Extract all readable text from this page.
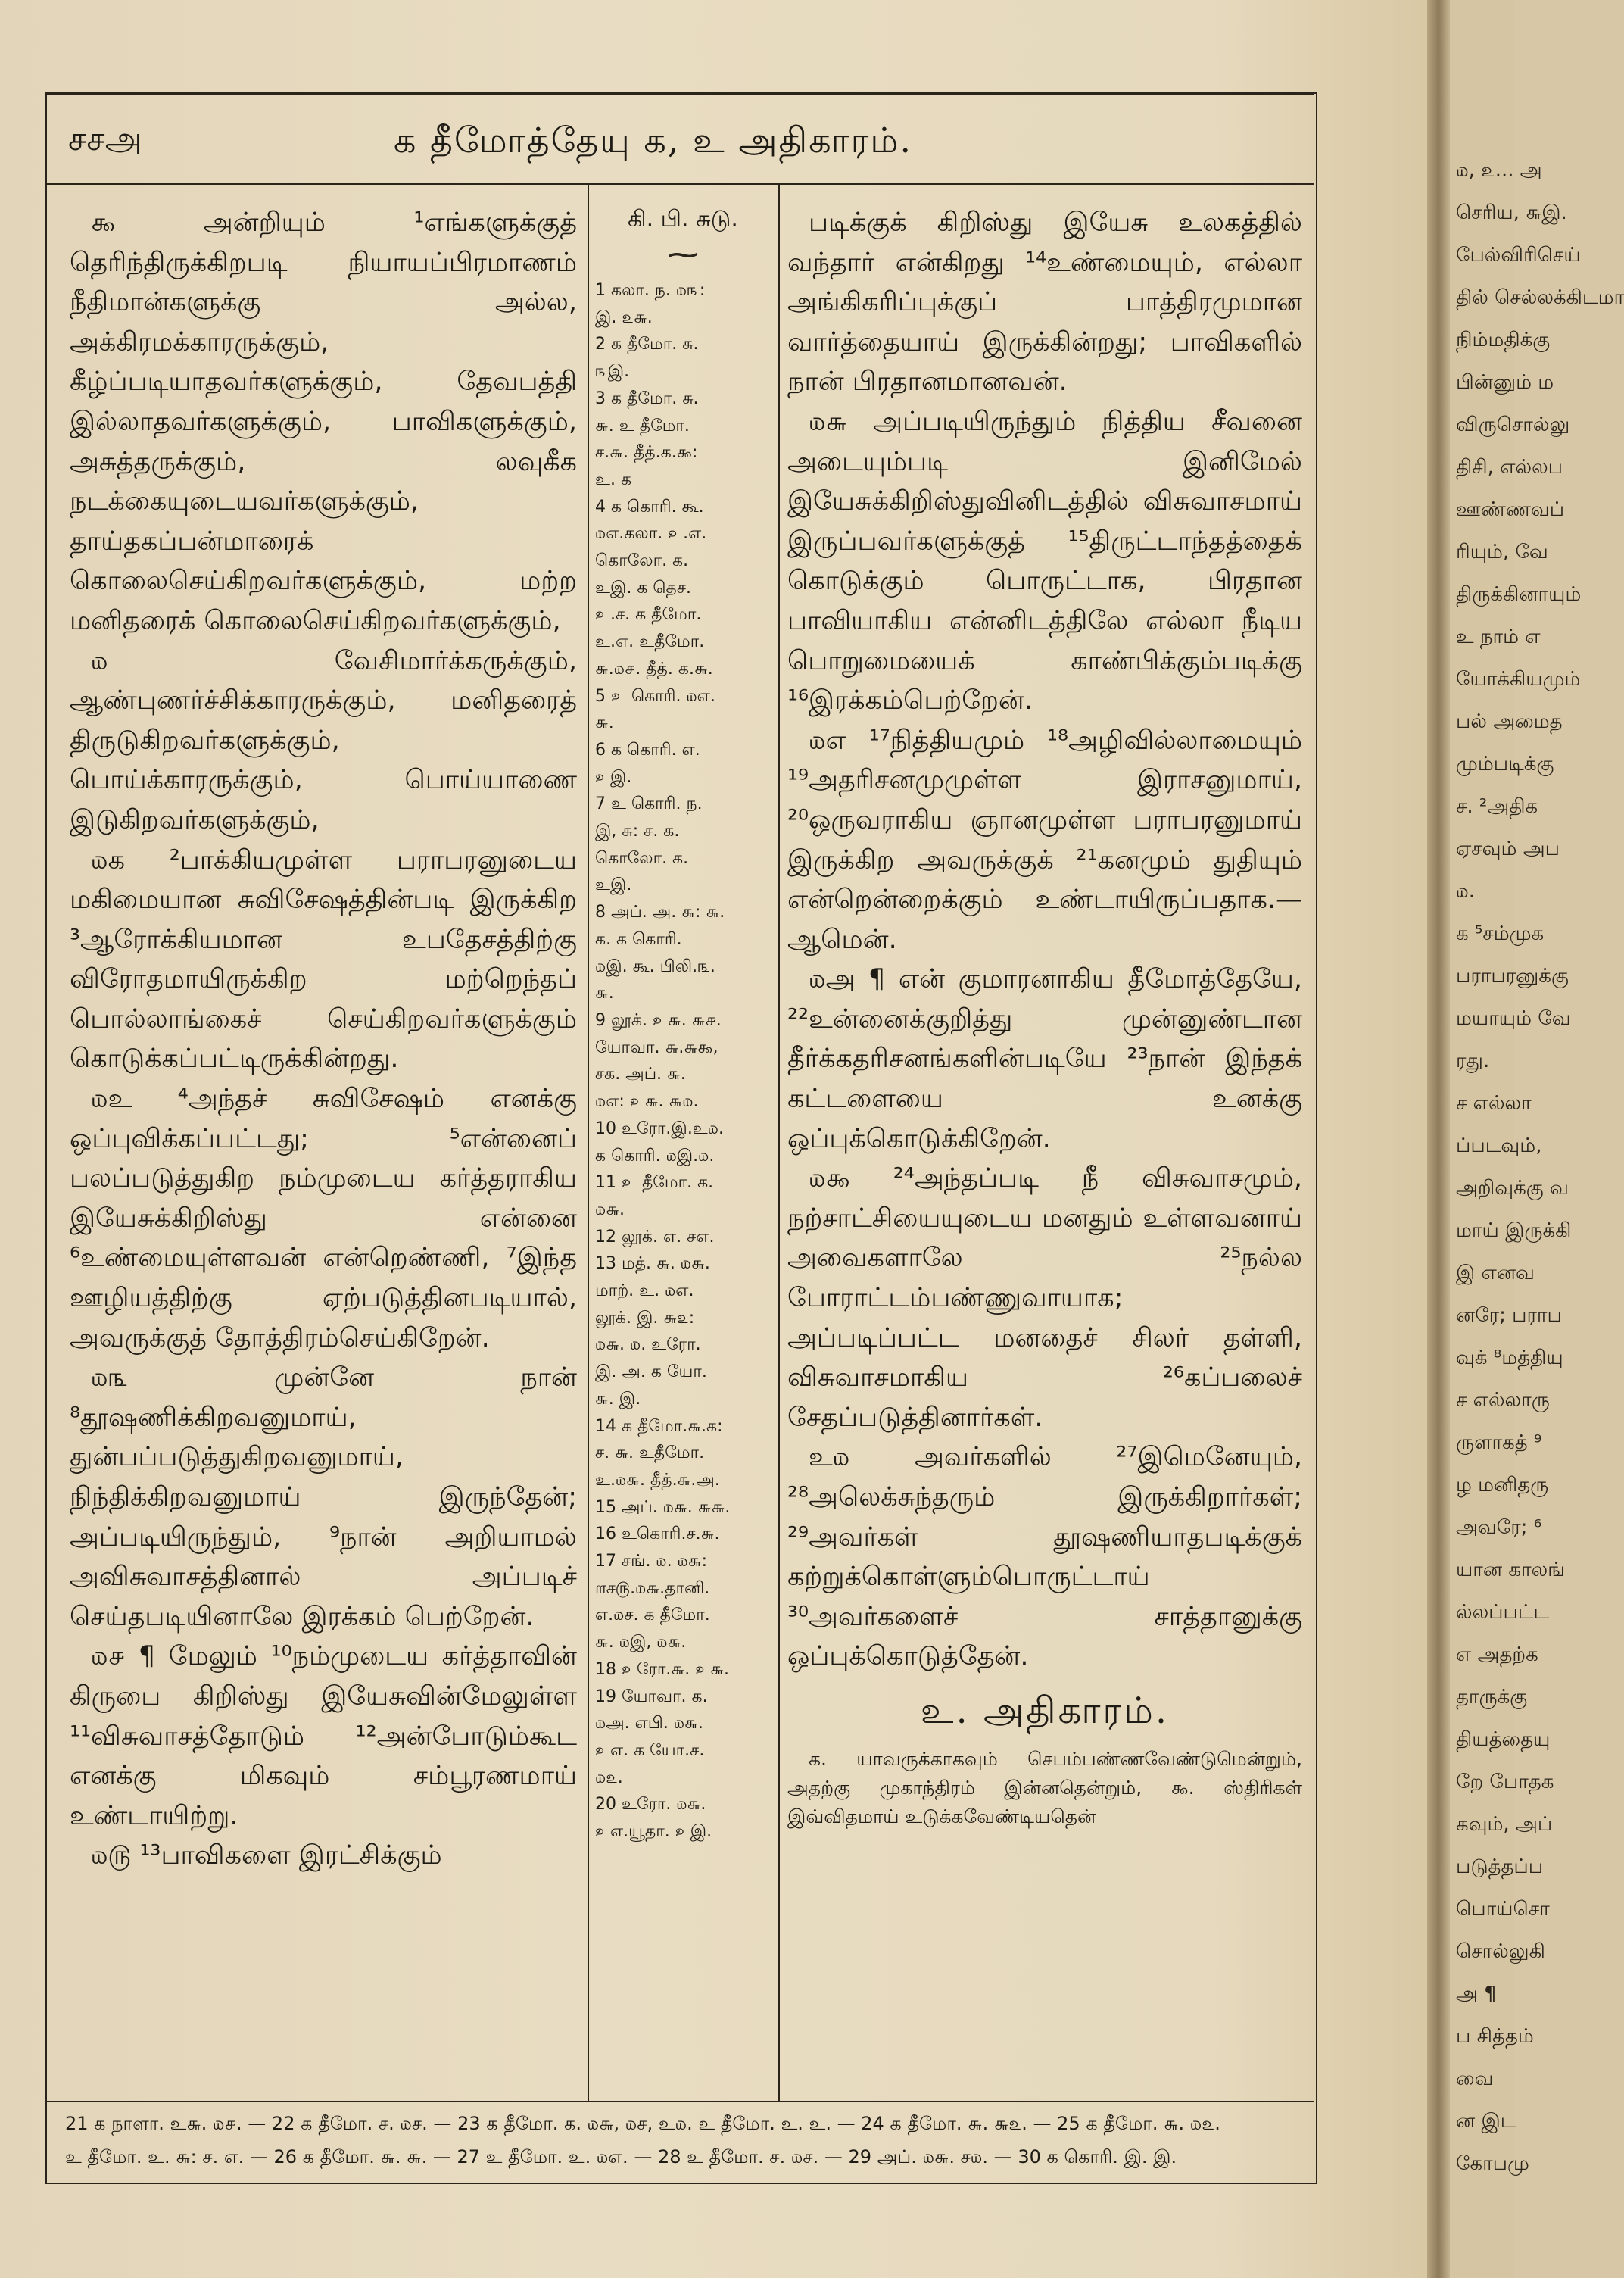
௰, ௨... அ
செரிய, ௬இ.
பேல்விரிசெய்
தில் செல்லக்கிடமா
நிம்மதிக்கு
பின்னும் ம
விருசொல்லு
திசி, எல்லப
ஊண்ணவப்
ரியும், வே
திருக்கினாயும்
உ நாம் எ
யோக்கியமும்
பல் அமைத
மும்படிக்கு
ச. ²அதிக
ஏசவும் அப
௰.
க ⁵சம்முக
பராபரனுக்கு
மயாயும் வே
ரது.
ச எல்லா
ப்படவும்,
அறிவுக்கு வ
மாய் இருக்கி
இ எனவ
னரே; பராப
வுக் ⁸மத்தியு
ச எல்லாரு
ருளாகத் ⁹
ழ மனிதரு
அவரே; ⁶
யான காலங்
ல்லப்பட்ட
எ அதற்க
தாருக்கு
தியத்தையு
றே போதக
கவும், அப்
படுத்தப்ப
பொய்சொ
சொல்லுகி
அ ¶
ப சித்தம்
வை
ன இட
கோபமு
சசஅ	க தீமோத்தேயு க, உ அதிகாரம்.

௯ அன்றியும் ¹எங்களுக்குத் தெரிந்திருக்கிறபடி நியாயப்பிரமாணம் நீதிமான்களுக்கு அல்ல, அக்கிரமக்காரருக்கும், கீழ்ப்படியாதவர்களுக்கும், தேவபத்தி இல்லாதவர்களுக்கும், பாவிகளுக்கும், அசுத்தருக்கும், லவுகீக நடக்கையுடையவர்களுக்கும், தாய்தகப்பன்மாரைக் கொலைசெய்கிறவர்களுக்கும், மற்ற மனிதரைக் கொலைசெய்கிறவர்களுக்கும்,

௰ வேசிமார்க்கருக்கும், ஆண்புணர்ச்சிக்காரருக்கும், மனிதரைத் திருடுகிறவர்களுக்கும், பொய்க்காரருக்கும், பொய்யாணை இடுகிறவர்களுக்கும்,

௰க ²பாக்கியமுள்ள பராபரனுடைய மகிமையான சுவிசேஷத்தின்படி இருக்கிற ³ஆரோக்கியமான உபதேசத்திற்கு விரோதமாயிருக்கிற மற்றெந்தப் பொல்லாங்கைச் செய்கிறவர்களுக்கும் கொடுக்கப்பட்டிருக்கின்றது.

௰உ ⁴அந்தச் சுவிசேஷம் எனக்கு ஒப்புவிக்கப்பட்டது; ⁵என்னைப் பலப்படுத்துகிற நம்முடைய கர்த்தராகிய இயேசுக்கிறிஸ்து என்னை ⁶உண்மையுள்ளவன் என்றெண்ணி, ⁷இந்த ஊழியத்திற்கு ஏற்படுத்தினபடியால், அவருக்குத் தோத்திரம்செய்கிறேன்.

௰௩ முன்னே நான் ⁸தூஷணிக்கிறவனுமாய், துன்பப்படுத்துகிறவனுமாய், நிந்திக்கிறவனுமாய் இருந்தேன்; அப்படியிருந்தும், ⁹நான் அறியாமல் அவிசுவாசத்தினால் அப்படிச் செய்தபடியினாலே இரக்கம் பெற்றேன்.

௰௪ ¶ மேலும் ¹⁰நம்முடைய கர்த்தாவின் கிருபை கிறிஸ்து இயேசுவின்மேலுள்ள ¹¹விசுவாசத்தோடும் ¹²அன்போடும்கூட எனக்கு மிகவும் சம்பூரணமாய் உண்டாயிற்று.

௰௫ ¹³பாவிகளை இரட்சிக்கும்

கி. பி. சுடு.
⁓
1 கலா. ந. ௰௩:
இ. ௨௬.
2 க தீமோ. சு.
௩இ.
3 க தீமோ. சு.
௬. உ தீமோ.
ச.௬. தீத்.க.௯:
உ. க
4 க கொரி. கூ.
௰எ.கலா. உ.எ.
கொலோ. க.
உஇ. க தெச.
உ.ச. க தீமோ.
உ.எ. உதீமோ.
௬.௰௪. தீத். க.௬.
5 உ கொரி. ௰எ.
௬.
6 க கொரி. எ.
உஇ.
7 உ கொரி. ந.
இ, சு: ச. க.
கொலோ. க.
உஇ.
8 அப். அ. ௬: ௬.
க. க கொரி.
௰இ. கூ. பிலி.௩.
௬.
9 லூக். உ௬. ௬௪.
யோவா. ௬.௬௯,
சக. அப். ௬.
௰எ: உ௬. ௬௰.
10 உரோ.இ.உ௰.
க கொரி. ௰இ.௰.
11 உ தீமோ. க.
௰௬.
12 லூக். எ. சஎ.
13 மத். ௬. ௰௬.
மாற். உ. ௰எ.
லூக். இ. ௬௨:
௰௬. ௰. உரோ.
இ. அ. க யோ.
௬. இ.
14 க தீமோ.௬.க:
ச. ௬. உதீமோ.
உ.௰௬. தீத்.௬.அ.
15 அப். ௰௬. ௬௬.
16 உகொரி.ச.௬.
17 சங். ௰. ௰௬:
௱ச௫.௰௬.தானி.
எ.௰ச. க தீமோ.
௬. ௰இ, ௰௬.
18 உரோ.௬. உ௬.
19 யோவா. க.
௰அ. எபி. ௰௬.
உஎ. க யோ.ச.
௰௨.
20 உரோ. ௰௬.
உஎ.யூதா. உஇ.

படிக்குக் கிறிஸ்து இயேசு உலகத்தில் வந்தார் என்கிறது ¹⁴உண்மையும், எல்லா அங்கிகரிப்புக்குப் பாத்திரமுமான வார்த்தையாய் இருக்கின்றது; பாவிகளில் நான் பிரதானமானவன்.

௰௬ அப்படியிருந்தும் நித்திய சீவனை அடையும்படி இனிமேல் இயேசுக்கிறிஸ்துவினிடத்தில் விசுவாசமாய் இருப்பவர்களுக்குத் ¹⁵திருட்டாந்தத்தைக் கொடுக்கும் பொருட்டாக, பிரதான பாவியாகிய என்னிடத்திலே எல்லா நீடிய பொறுமையைக் காண்பிக்கும்படிக்கு ¹⁶இரக்கம்பெற்றேன்.

௰எ ¹⁷நித்தியமும் ¹⁸அழிவில்லாமையும் ¹⁹அதரிசனமுமுள்ள இராசனுமாய், ²⁰ஒருவராகிய ஞானமுள்ள பராபரனுமாய் இருக்கிற அவருக்குக் ²¹கனமும் துதியும் என்றென்றைக்கும் உண்டாயிருப்பதாக.—ஆமென்.

௰அ ¶ என் குமாரனாகிய தீமோத்தேயே, ²²உன்னைக்குறித்து முன்னுண்டான தீர்க்கதரிசனங்களின்படியே ²³நான் இந்தக் கட்டளையை உனக்கு ஒப்புக்கொடுக்கிறேன்.

௰௯ ²⁴அந்தப்படி நீ விசுவாசமும், நற்சாட்சியையுடைய மனதும் உள்ளவனாய் அவைகளாலே ²⁵நல்ல போராட்டம்பண்ணுவாயாக; அப்படிப்பட்ட மனதைச் சிலர் தள்ளி, விசுவாசமாகிய ²⁶கப்பலைச் சேதப்படுத்தினார்கள்.

உ௰ அவர்களில் ²⁷இமெனேயும், ²⁸அலெக்சுந்தரும் இருக்கிறார்கள்; ²⁹அவர்கள் தூஷணியாதபடிக்குக் கற்றுக்கொள்ளும்பொருட்டாய் ³⁰அவர்களைச் சாத்தானுக்கு ஒப்புக்கொடுத்தேன்.

உ. அதிகாரம்.

க. யாவருக்காகவும் செபம்பண்ணவேண்டுமென்றும், அதற்கு முகாந்திரம் இன்னதென்றும், ௯. ஸ்திரிகள் இவ்விதமாய் உடுக்கவேண்டியதென்

21 க நாளா. உ௬. ௰௪. — 22 க தீமோ. ச. ௰ச. — 23 க தீமோ. க. ௰௬, ௰ச, உ௰. உ தீமோ. உ. உ. — 24 க தீமோ. ௬. ௬௨. — 25 க தீமோ. ௬. ௰௨.
உ தீமோ. உ. ௬: ச. எ. — 26 க தீமோ. ௬. ௬. — 27 உ தீமோ. உ. ௰எ. — 28 உ தீமோ. ச. ௰ச. — 29 அப். ௰௬. ச௰. — 30 க கொரி. இ. இ.
